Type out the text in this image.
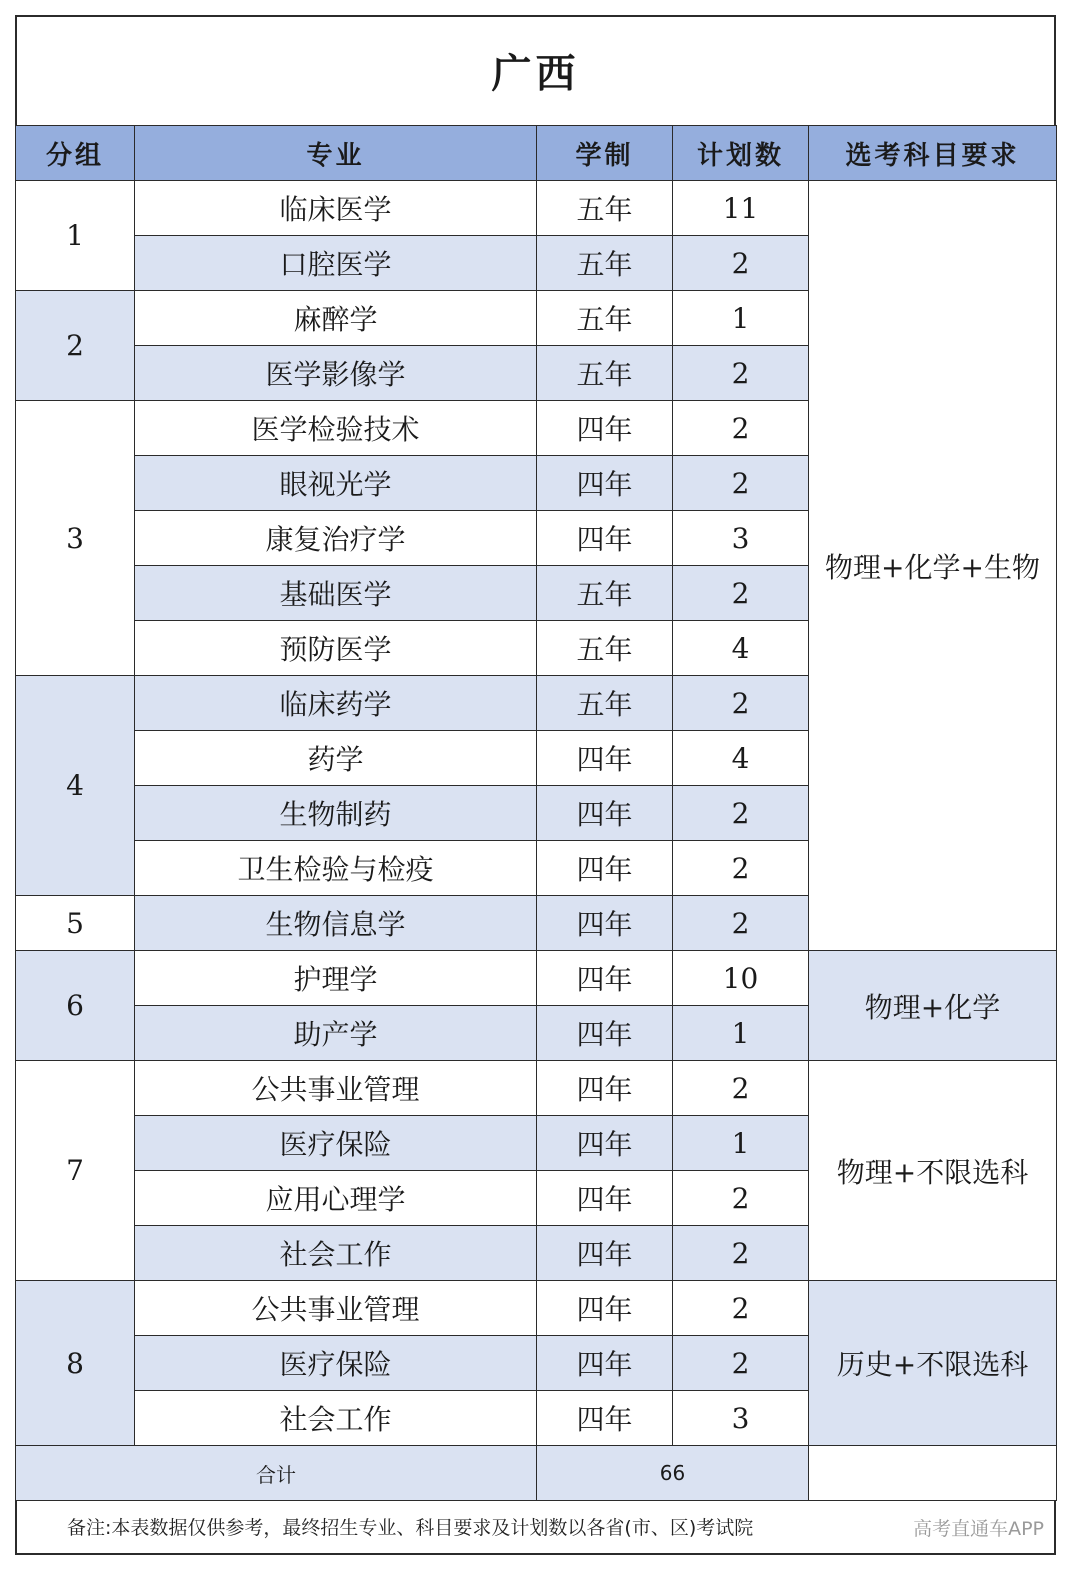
广西
分组	专业	学制	计划数	选考科目要求
1	临床医学	五年	11	物理+化学+生物
	口腔医学	五年	2	
2	麻醉学	五年	1	
	医学影像学	五年	2	
3	医学检验技术	四年	2	
	眼视光学	四年	2	
	康复治疗学	四年	3	
	基础医学	五年	2	
	预防医学	五年	4	
4	临床药学	五年	2	
	药学	四年	4	
	生物制药	四年	2	
	卫生检验与检疫	四年	2	
5	生物信息学	四年	2	
6	护理学	四年	10	物理+化学
	助产学	四年	1	
7	公共事业管理	四年	2	物理+不限选科
	医疗保险	四年	1	
	应用心理学	四年	2	
	社会工作	四年	2	
8	公共事业管理	四年	2	历史+不限选科
	医疗保险	四年	2	
	社会工作	四年	3	
合计		66		
备注:本表数据仅供参考，最终招生专业、科目要求及计划数以各省(市、区)考试院	高考直通车APP
